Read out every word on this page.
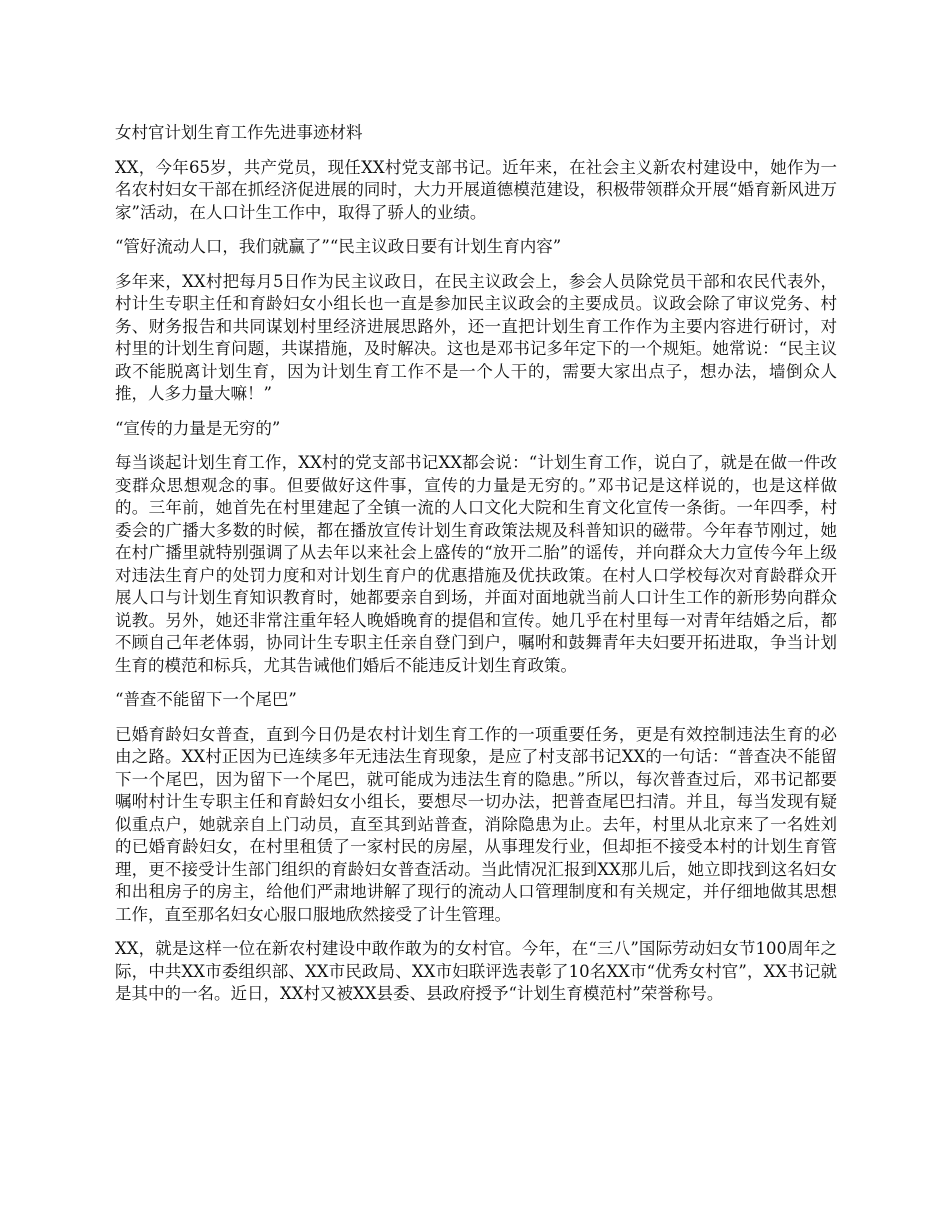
女村官计划生育工作先进事迹材料

XX，今年65岁，共产党员，现任XX村党支部书记。近年来，在社会主义新农村建设中，她作为一名农村妇女干部在抓经济促进展的同时，大力开展道德模范建设，积极带领群众开展“婚育新风进万家”活动，在人口计生工作中，取得了骄人的业绩。

“管好流动人口，我们就赢了”“民主议政日要有计划生育内容”

多年来，XX村把每月5日作为民主议政日，在民主议政会上，参会人员除党员干部和农民代表外，村计生专职主任和育龄妇女小组长也一直是参加民主议政会的主要成员。议政会除了审议党务、村务、财务报告和共同谋划村里经济进展思路外，还一直把计划生育工作作为主要内容进行研讨，对村里的计划生育问题，共谋措施，及时解决。这也是邓书记多年定下的一个规矩。她常说：“民主议政不能脱离计划生育，因为计划生育工作不是一个人干的，需要大家出点子，想办法，墙倒众人推，人多力量大嘛！”

“宣传的力量是无穷的”

每当谈起计划生育工作，XX村的党支部书记XX都会说：“计划生育工作，说白了，就是在做一件改变群众思想观念的事。但要做好这件事，宣传的力量是无穷的。”邓书记是这样说的，也是这样做的。三年前，她首先在村里建起了全镇一流的人口文化大院和生育文化宣传一条街。一年四季，村委会的广播大多数的时候，都在播放宣传计划生育政策法规及科普知识的磁带。今年春节刚过，她在村广播里就特别强调了从去年以来社会上盛传的“放开二胎”的谣传，并向群众大力宣传今年上级对违法生育户的处罚力度和对计划生育户的优惠措施及优扶政策。在村人口学校每次对育龄群众开展人口与计划生育知识教育时，她都要亲自到场，并面对面地就当前人口计生工作的新形势向群众说教。另外，她还非常注重年轻人晚婚晚育的提倡和宣传。她几乎在村里每一对青年结婚之后，都不顾自己年老体弱，协同计生专职主任亲自登门到户，嘱咐和鼓舞青年夫妇要开拓进取，争当计划生育的模范和标兵，尤其告诫他们婚后不能违反计划生育政策。

“普查不能留下一个尾巴”

已婚育龄妇女普查，直到今日仍是农村计划生育工作的一项重要任务，更是有效控制违法生育的必由之路。XX村正因为已连续多年无违法生育现象，是应了村支部书记XX的一句话：“普查决不能留下一个尾巴，因为留下一个尾巴，就可能成为违法生育的隐患。”所以，每次普查过后，邓书记都要嘱咐村计生专职主任和育龄妇女小组长，要想尽一切办法，把普查尾巴扫清。并且，每当发现有疑似重点户，她就亲自上门动员，直至其到站普查，消除隐患为止。去年，村里从北京来了一名姓刘的已婚育龄妇女，在村里租赁了一家村民的房屋，从事理发行业，但却拒不接受本村的计划生育管理，更不接受计生部门组织的育龄妇女普查活动。当此情况汇报到XX那儿后，她立即找到这名妇女和出租房子的房主，给他们严肃地讲解了现行的流动人口管理制度和有关规定，并仔细地做其思想工作，直至那名妇女心服口服地欣然接受了计生管理。

XX，就是这样一位在新农村建设中敢作敢为的女村官。今年，在“三八”国际劳动妇女节100周年之际，中共XX市委组织部、XX市民政局、XX市妇联评选表彰了10名XX市“优秀女村官”，XX书记就是其中的一名。近日，XX村又被XX县委、县政府授予“计划生育模范村”荣誉称号。
